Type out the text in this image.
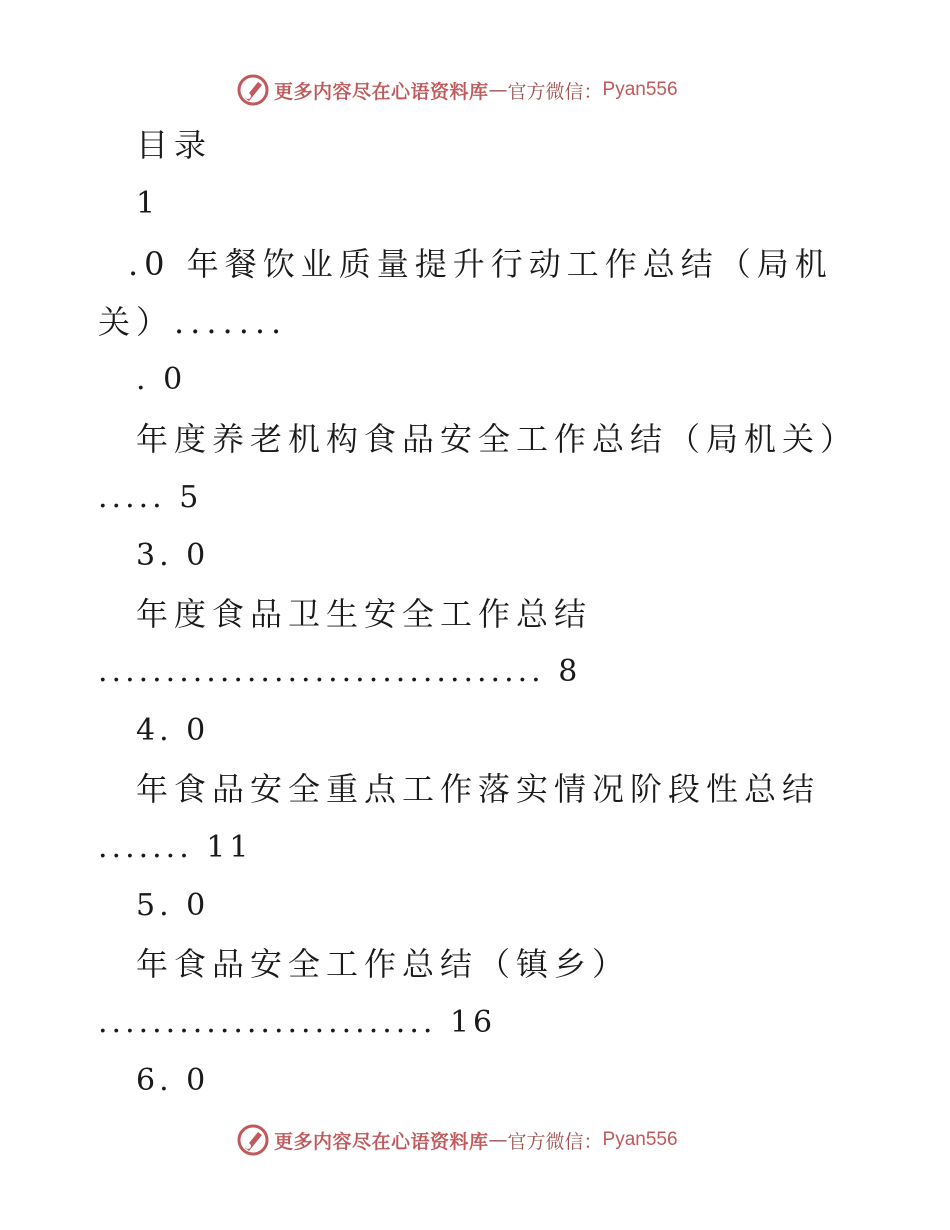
更多内容尽在心语资料库 — 官方微信： Pyan556
目录
1
.0 年餐饮业质量提升行动工作总结（局机
关）.......
. 0
年度养老机构食品安全工作总结（局机关）
..... 5
3. 0
年度食品卫生安全工作总结
................................. 8
4. 0
年食品安全重点工作落实情况阶段性总结
....... 11
5. 0
年食品安全工作总结（镇乡）
......................... 16
6. 0
更多内容尽在心语资料库 — 官方微信： Pyan556
